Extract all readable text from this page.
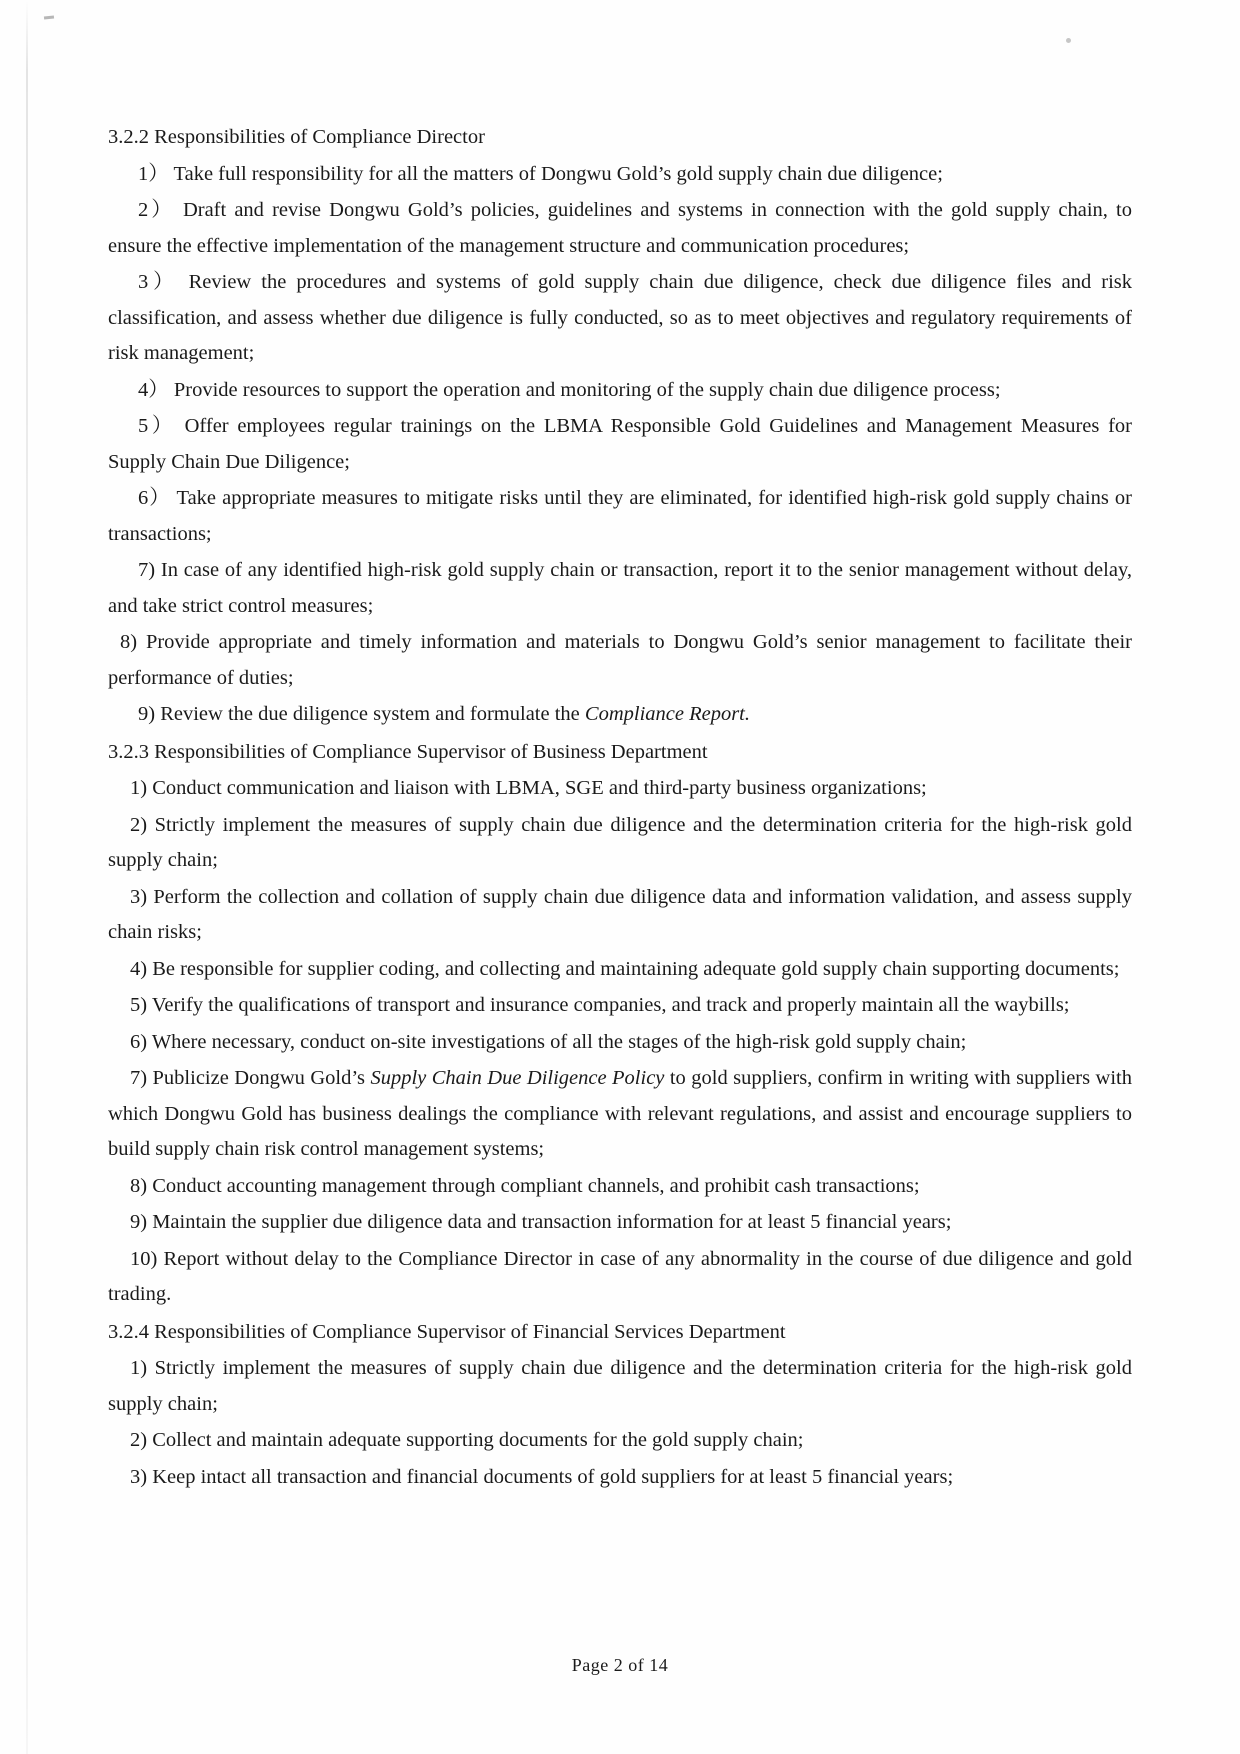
3.2.2 Responsibilities of Compliance Director

1） Take full responsibility for all the matters of Dongwu Gold’s gold supply chain due diligence;

2） Draft and revise Dongwu Gold’s policies, guidelines and systems in connection with the gold supply chain, to ensure the effective implementation of the management structure and communication procedures;

3） Review the procedures and systems of gold supply chain due diligence, check due diligence files and risk classification, and assess whether due diligence is fully conducted, so as to meet objectives and regulatory requirements of risk management;

4） Provide resources to support the operation and monitoring of the supply chain due diligence process;

5） Offer employees regular trainings on the LBMA Responsible Gold Guidelines and Management Measures for Supply Chain Due Diligence;

6） Take appropriate measures to mitigate risks until they are eliminated, for identified high-risk gold supply chains or transactions;

7) In case of any identified high-risk gold supply chain or transaction, report it to the senior management without delay, and take strict control measures;

8) Provide appropriate and timely information and materials to Dongwu Gold’s senior management to facilitate their performance of duties;

9) Review the due diligence system and formulate the Compliance Report.

3.2.3 Responsibilities of Compliance Supervisor of Business Department

1) Conduct communication and liaison with LBMA, SGE and third-party business organizations;

2) Strictly implement the measures of supply chain due diligence and the determination criteria for the high-risk gold supply chain;

3) Perform the collection and collation of supply chain due diligence data and information validation, and assess supply chain risks;

4) Be responsible for supplier coding, and collecting and maintaining adequate gold supply chain supporting documents;

5) Verify the qualifications of transport and insurance companies, and track and properly maintain all the waybills;

6) Where necessary, conduct on-site investigations of all the stages of the high-risk gold supply chain;

7) Publicize Dongwu Gold’s Supply Chain Due Diligence Policy to gold suppliers, confirm in writing with suppliers with which Dongwu Gold has business dealings the compliance with relevant regulations, and assist and encourage suppliers to build supply chain risk control management systems;

8) Conduct accounting management through compliant channels, and prohibit cash transactions;

9) Maintain the supplier due diligence data and transaction information for at least 5 financial years;

10) Report without delay to the Compliance Director in case of any abnormality in the course of due diligence and gold trading.

3.2.4 Responsibilities of Compliance Supervisor of Financial Services Department

1) Strictly implement the measures of supply chain due diligence and the determination criteria for the high-risk gold supply chain;

2) Collect and maintain adequate supporting documents for the gold supply chain;

3) Keep intact all transaction and financial documents of gold suppliers for at least 5 financial years;

Page 2 of 14
